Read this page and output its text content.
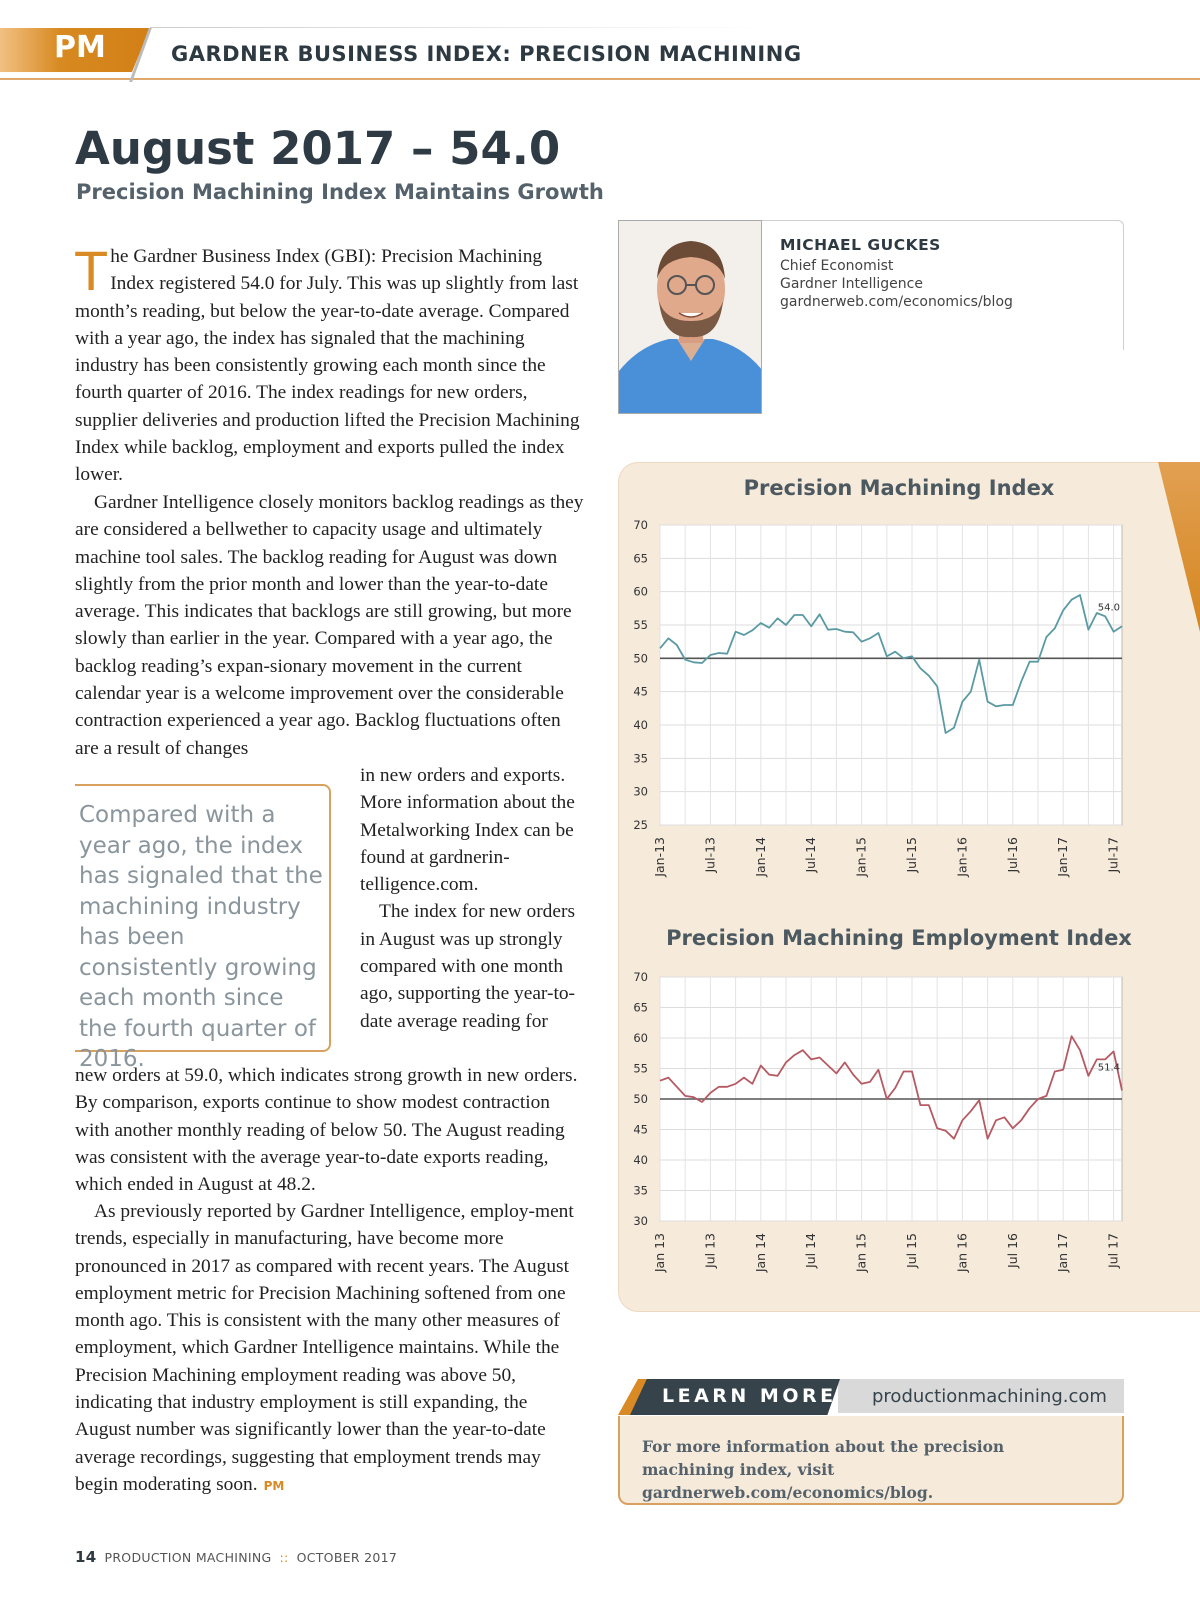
PM	GARDNER BUSINESS INDEX: PRECISION MACHINING
August 2017 – 54.0
Precision Machining Index Maintains Growth
The Gardner Business Index (GBI): Precision Machining Index registered 54.0 for July. This was up slightly from last month’s reading, but below the year-to-date average. Compared with a year ago, the index has signaled that the machining industry has been consistently growing each month since the fourth quarter of 2016. The index readings for new orders, supplier deliveries and production lifted the Precision Machining Index while backlog, employment and exports pulled the index lower.
Gardner Intelligence closely monitors backlog readings as they are considered a bellwether to capacity usage and ultimately machine tool sales. The backlog reading for August was down slightly from the prior month and lower than the year-to-date average. This indicates that backlogs are still growing, but more slowly than earlier in the year. Compared with a year ago, the backlog reading’s expan-sionary movement in the current calendar year is a welcome improvement over the considerable contraction experienced a year ago. Backlog fluctuations often are a result of changes
in new orders and exports. More information about the Metalworking Index can be found at gardnerin-telligence.com.
The index for new orders in August was up strongly compared with one month ago, supporting the year-to-date average reading for
new orders at 59.0, which indicates strong growth in new orders. By comparison, exports continue to show modest contraction with another monthly reading of below 50. The August reading was consistent with the average year-to-date exports reading, which ended in August at 48.2.
As previously reported by Gardner Intelligence, employ-ment trends, especially in manufacturing, have become more pronounced in 2017 as compared with recent years. The August employment metric for Precision Machining softened from one month ago. This is consistent with the many other measures of employment, which Gardner Intelligence maintains. While the Precision Machining employment reading was above 50, indicating that industry employment is still expanding, the August number was significantly lower than the year-to-date average recordings, suggesting that employment trends may begin moderating soon. PM
Compared with a year ago, the index has signaled that the machining industry has been consistently growing each month since the fourth quarter of 2016.
MICHAEL GUCKES
Chief Economist
Gardner Intelligence
gardnerweb.com/economics/blog
Precision Machining Index
Precision Machining Employment Index
70
65
60
55
50
45
40
35
30
25
Jan-13	Jul-13	Jan-14	Jul-14	Jan-15	Jul-15	Jan-16	Jul-16	Jan-17	Jul-17
54.0
70
65
60
55
50
45
40
35
30
Jan 13	Jul 13	Jan 14	Jul 14	Jan 15	Jul 15	Jan 16	Jul 16	Jan 17	Jul 17
51.4
LEARN MORE productionmachining.com
For more information about the precision machining index, visit gardnerweb.com/economics/blog.
14 PRODUCTION MACHINING :: OCTOBER 2017
